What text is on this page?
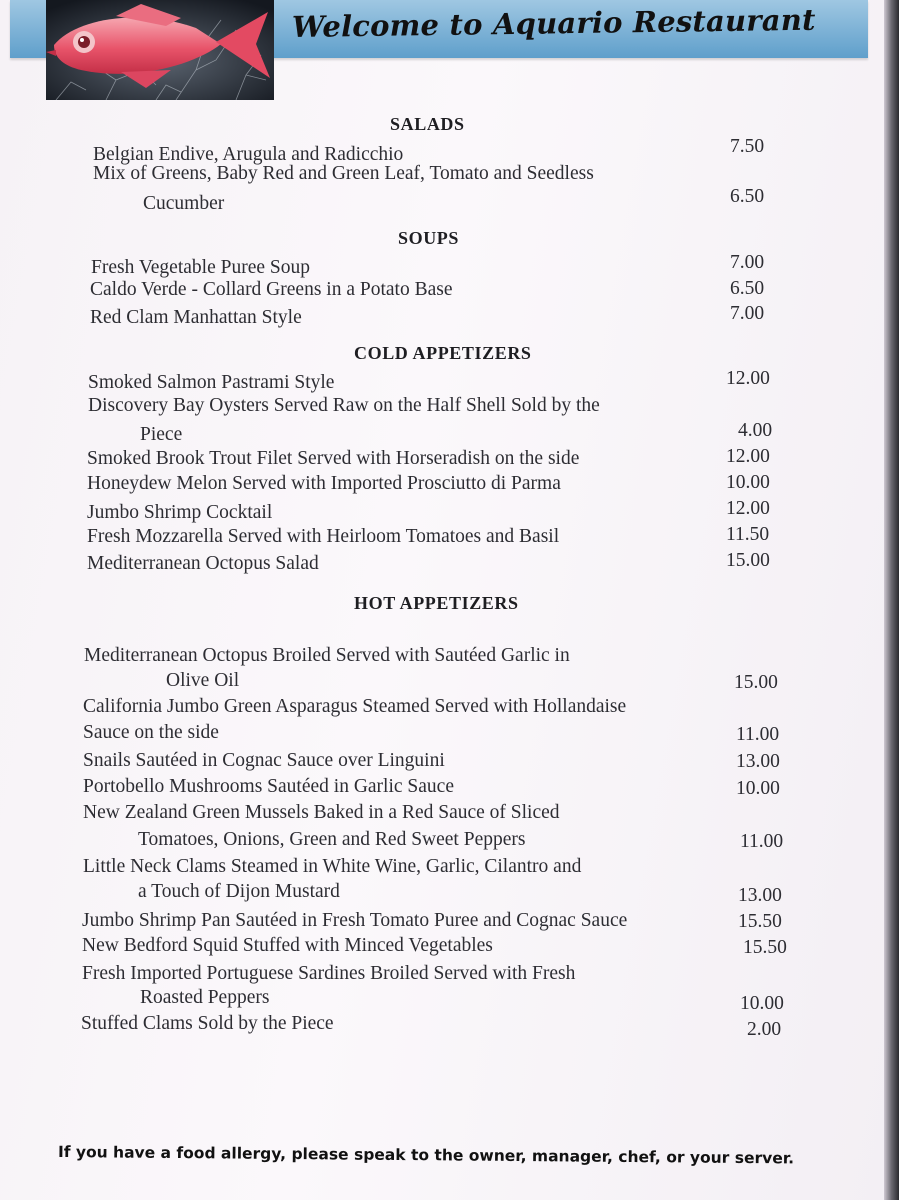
Welcome to Aquario Restaurant
SALADS
Belgian Endive, Arugula and Radicchio	7.50
Mix of Greens, Baby Red and Green Leaf, Tomato and Seedless
Cucumber	6.50
SOUPS
Fresh Vegetable Puree Soup	7.00
Caldo Verde - Collard Greens in a Potato Base	6.50
Red Clam Manhattan Style	7.00
COLD APPETIZERS
Smoked Salmon Pastrami Style	12.00
Discovery Bay Oysters Served Raw on the Half Shell Sold by the
Piece	4.00
Smoked Brook Trout Filet Served with Horseradish on the side	12.00
Honeydew Melon Served with Imported Prosciutto di Parma	10.00
Jumbo Shrimp Cocktail	12.00
Fresh Mozzarella Served with Heirloom Tomatoes and Basil	11.50
Mediterranean Octopus Salad	15.00
HOT APPETIZERS
Mediterranean Octopus Broiled Served with Sautéed Garlic in
Olive Oil	15.00
California Jumbo Green Asparagus Steamed Served with Hollandaise
Sauce on the side	11.00
Snails Sautéed in Cognac Sauce over Linguini	13.00
Portobello Mushrooms Sautéed in Garlic Sauce	10.00
New Zealand Green Mussels Baked in a Red Sauce of Sliced
Tomatoes, Onions, Green and Red Sweet Peppers	11.00
Little Neck Clams Steamed in White Wine, Garlic, Cilantro and
a Touch of Dijon Mustard	13.00
Jumbo Shrimp Pan Sautéed in Fresh Tomato Puree and Cognac Sauce	15.50
New Bedford Squid Stuffed with Minced Vegetables	15.50
Fresh Imported Portuguese Sardines Broiled Served with Fresh
Roasted Peppers	10.00
Stuffed Clams Sold by the Piece	2.00
If you have a food allergy, please speak to the owner, manager, chef, or your server.
